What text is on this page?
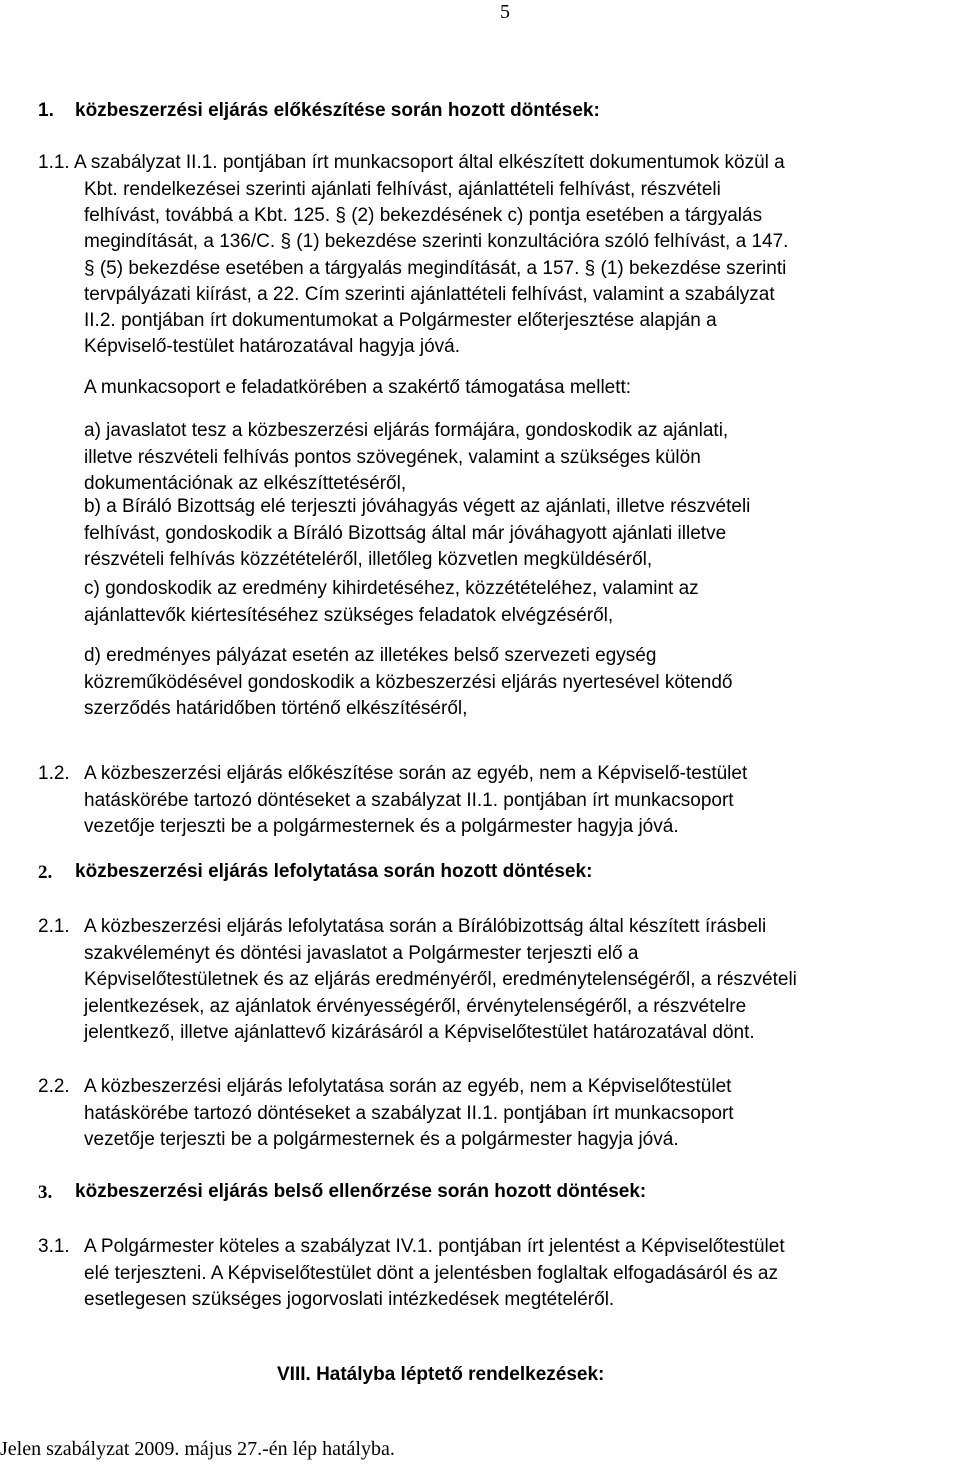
5
1. közbeszerzési eljárás előkészítése során hozott döntések:
1.1. A szabályzat II.1. pontjában írt munkacsoport által elkészített dokumentumok közül a
Kbt. rendelkezései szerinti ajánlati felhívást, ajánlattételi felhívást, részvételi
felhívást, továbbá a Kbt. 125. § (2) bekezdésének c) pontja esetében a tárgyalás
megindítását, a 136/C. § (1) bekezdése szerinti konzultációra szóló felhívást, a 147.
§ (5) bekezdése esetében a tárgyalás megindítását, a 157. § (1) bekezdése szerinti
tervpályázati kiírást, a 22. Cím szerinti ajánlattételi felhívást, valamint a szabályzat
II.2. pontjában írt dokumentumokat a Polgármester előterjesztése alapján a
Képviselő-testület határozatával hagyja jóvá.
A munkacsoport e feladatkörében a szakértő támogatása mellett:
a) javaslatot tesz a közbeszerzési eljárás formájára, gondoskodik az ajánlati,
illetve részvételi felhívás pontos szövegének, valamint a szükséges külön
dokumentációnak az elkészíttetéséről,
b) a Bíráló Bizottság elé terjeszti jóváhagyás végett az ajánlati, illetve részvételi
felhívást, gondoskodik a Bíráló Bizottság által már jóváhagyott ajánlati illetve
részvételi felhívás közzétételéről, illetőleg közvetlen megküldéséről,
c) gondoskodik az eredmény kihirdetéséhez, közzétételéhez, valamint az
ajánlattevők kiértesítéséhez szükséges feladatok elvégzéséről,
d) eredményes pályázat esetén az illetékes belső szervezeti egység
közreműködésével gondoskodik a közbeszerzési eljárás nyertesével kötendő
szerződés határidőben történő elkészítéséről,
1.2. A közbeszerzési eljárás előkészítése során az egyéb, nem a Képviselő-testület
hatáskörébe tartozó döntéseket a szabályzat II.1. pontjában írt munkacsoport
vezetője terjeszti be a polgármesternek és a polgármester hagyja jóvá.
2. közbeszerzési eljárás lefolytatása során hozott döntések:
2.1. A közbeszerzési eljárás lefolytatása során a Bírálóbizottság által készített írásbeli
szakvéleményt és döntési javaslatot a Polgármester terjeszti elő a
Képviselőtestületnek és az eljárás eredményéről, eredménytelenségéről, a részvételi
jelentkezések, az ajánlatok érvényességéről, érvénytelenségéről, a részvételre
jelentkező, illetve ajánlattevő kizárásáról a Képviselőtestület határozatával dönt.
2.2. A közbeszerzési eljárás lefolytatása során az egyéb, nem a Képviselőtestület
hatáskörébe tartozó döntéseket a szabályzat II.1. pontjában írt munkacsoport
vezetője terjeszti be a polgármesternek és a polgármester hagyja jóvá.
3. közbeszerzési eljárás belső ellenőrzése során hozott döntések:
3.1. A Polgármester köteles a szabályzat IV.1. pontjában írt jelentést a Képviselőtestület
elé terjeszteni. A Képviselőtestület dönt a jelentésben foglaltak elfogadásáról és az
esetlegesen szükséges jogorvoslati intézkedések megtételéről.
VIII. Hatályba léptető rendelkezések:
Jelen szabályzat 2009. május 27.-én lép hatályba.
